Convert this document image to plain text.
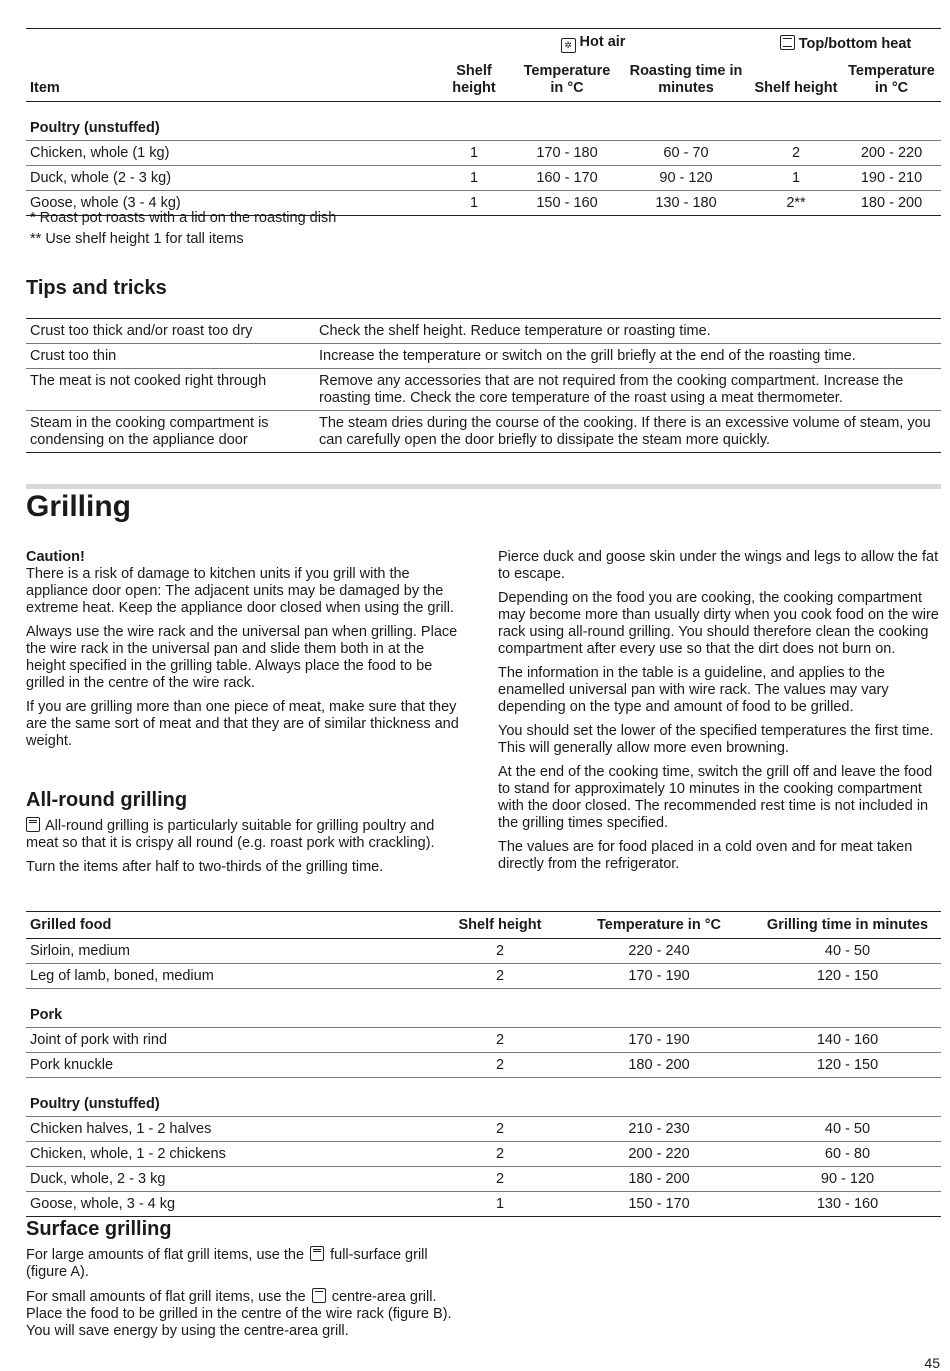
	✲ Hot air			Top/bottom heat	
Item	Shelf height	Temperature in °C	Roasting time in minutes	Shelf height	Temperature in °C
Poultry (unstuffed)					
Chicken, whole (1 kg)	1	170 - 180	60 - 70	2	200 - 220
Duck, whole (2 - 3 kg)	1	160 - 170	90 - 120	1	190 - 210
Goose, whole (3 - 4 kg)	1	150 - 160	130 - 180	2**	180 - 200
* Roast pot roasts with a lid on the roasting dish
** Use shelf height 1 for tall items
Tips and tricks
Crust too thick and/or roast too dry	Check the shelf height. Reduce temperature or roasting time.
Crust too thin	Increase the temperature or switch on the grill briefly at the end of the roasting time.
The meat is not cooked right through	Remove any accessories that are not required from the cooking compartment. Increase the roasting time. Check the core temperature of the roast using a meat thermometer.
Steam in the cooking compartment is condensing on the appliance door	The steam dries during the course of the cooking. If there is an excessive volume of steam, you can carefully open the door briefly to dissipate the steam more quickly.
Grilling

Caution!

There is a risk of damage to kitchen units if you grill with the appliance door open: The adjacent units may be damaged by the extreme heat. Keep the appliance door closed when using the grill.

Always use the wire rack and the universal pan when grilling. Place the wire rack in the universal pan and slide them both in at the height specified in the grilling table. Always place the food to be grilled in the centre of the wire rack.

If you are grilling more than one piece of meat, make sure that they are the same sort of meat and that they are of similar thickness and weight.

All-round grilling

All-round grilling is particularly suitable for grilling poultry and meat so that it is crispy all round (e.g. roast pork with crackling).

Turn the items after half to two-thirds of the grilling time.

Pierce duck and goose skin under the wings and legs to allow the fat to escape.

Depending on the food you are cooking, the cooking compartment may become more than usually dirty when you cook food on the wire rack using all-round grilling. You should therefore clean the cooking compartment after every use so that the dirt does not burn on.

The information in the table is a guideline, and applies to the enamelled universal pan with wire rack. The values may vary depending on the type and amount of food to be grilled.

You should set the lower of the specified temperatures the first time. This will generally allow more even browning.

At the end of the cooking time, switch the grill off and leave the food to stand for approximately 10 minutes in the cooking compartment with the door closed. The recommended rest time is not included in the grilling times specified.

The values are for food placed in a cold oven and for meat taken directly from the refrigerator.

Grilled food	Shelf height	Temperature in °C	Grilling time in minutes
Sirloin, medium	2	220 - 240	40 - 50
Leg of lamb, boned, medium	2	170 - 190	120 - 150
Pork			
Joint of pork with rind	2	170 - 190	140 - 160
Pork knuckle	2	180 - 200	120 - 150
Poultry (unstuffed)			
Chicken halves, 1 - 2 halves	2	210 - 230	40 - 50
Chicken, whole, 1 - 2 chickens	2	200 - 220	60 - 80
Duck, whole, 2 - 3 kg	2	180 - 200	90 - 120
Goose, whole, 3 - 4 kg	1	150 - 170	130 - 160
Surface grilling

For large amounts of flat grill items, use the full-surface grill (figure A).

For small amounts of flat grill items, use the centre-area grill. Place the food to be grilled in the centre of the wire rack (figure B). You will save energy by using the centre-area grill.

45
